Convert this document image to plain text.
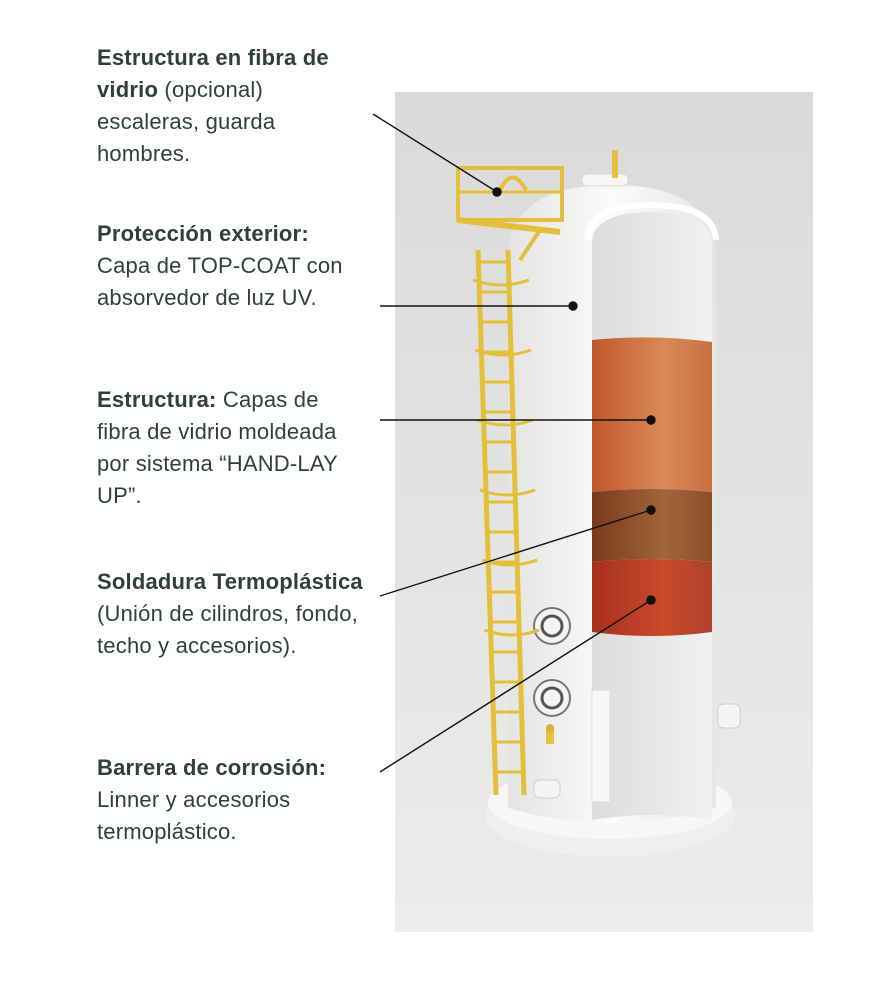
Estructura en fibra de vidrio (opcional) escaleras, guarda hombres.
Protección exterior: Capa de TOP-COAT con absorvedor de luz UV.
Estructura: Capas de fibra de vidrio moldeada por sistema “HAND-LAY UP”.
Soldadura Termoplástica (Unión de cilindros, fondo, techo y accesorios).
Barrera de corrosión: Linner y accesorios termoplástico.
